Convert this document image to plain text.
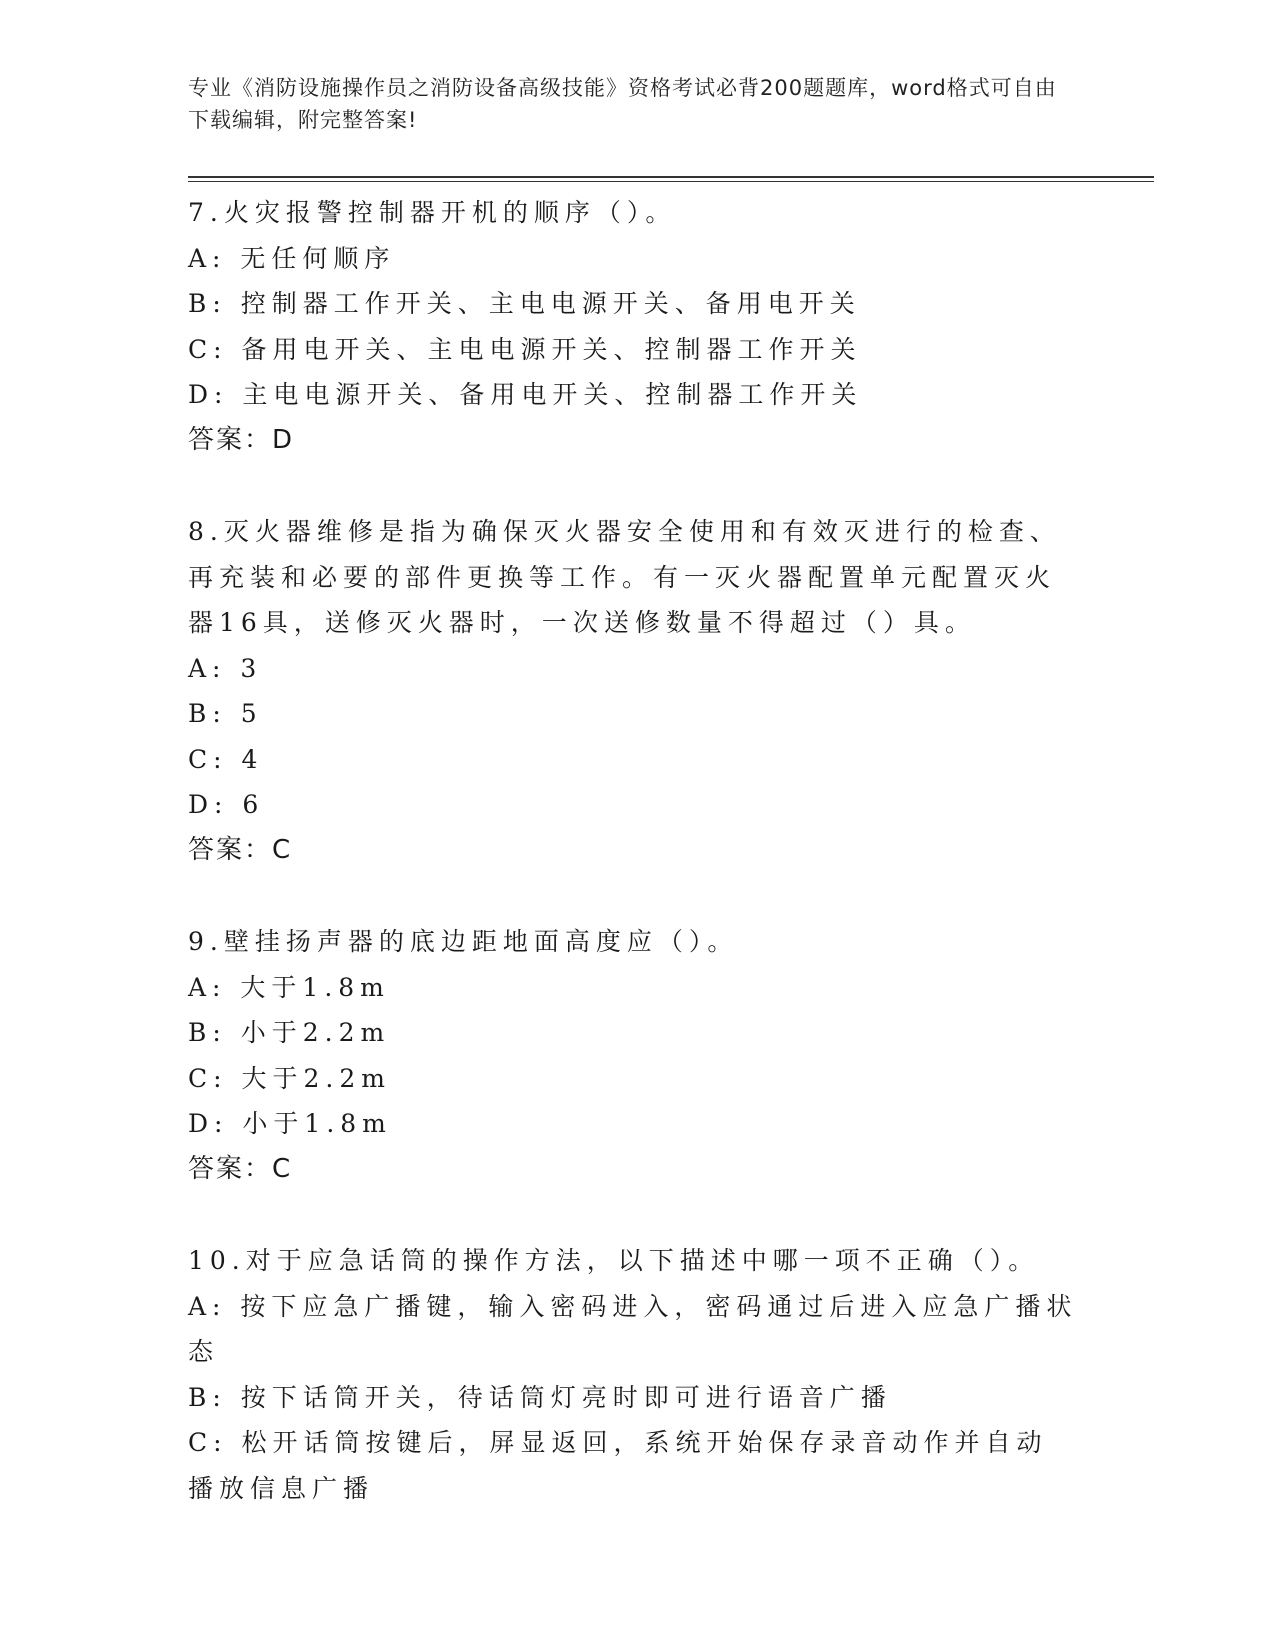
专业《消防设施操作员之消防设备高级技能》资格考试必背200题题库，word格式可自由下载编辑，附完整答案!
7.火灾报警控制器开机的顺序（）。
A: 无任何顺序
B: 控制器工作开关、主电电源开关、备用电开关
C: 备用电开关、主电电源开关、控制器工作开关
D: 主电电源开关、备用电开关、控制器工作开关
答案：D
8.灭火器维修是指为确保灭火器安全使用和有效灭进行的检查、再充装和必要的部件更换等工作。有一灭火器配置单元配置灭火器16具，送修灭火器时，一次送修数量不得超过（）具。
A: 3
B: 5
C: 4
D: 6
答案：C
9.壁挂扬声器的底边距地面高度应（）。
A: 大于1.8m
B: 小于2.2m
C: 大于2.2m
D: 小于1.8m
答案：C
10.对于应急话筒的操作方法，以下描述中哪一项不正确（）。
A: 按下应急广播键，输入密码进入，密码通过后进入应急广播状态
B: 按下话筒开关，待话筒灯亮时即可进行语音广播
C: 松开话筒按键后，屏显返回，系统开始保存录音动作并自动播放信息广播
